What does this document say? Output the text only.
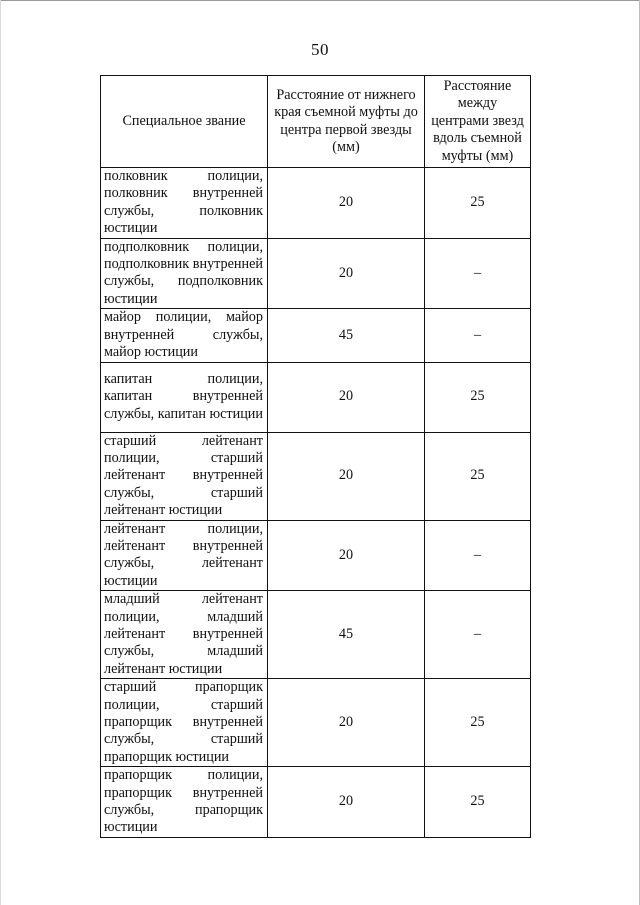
50
Специальное звание	Расстояние от нижнего края съемной муфты до центра первой звезды (мм)	Расстояние между центрами звезд вдоль съемной муфты (мм)
полковник полиции, полковник внутренней службы, полковник юстиции	20	25
подполковник полиции, подполковник внутренней службы, подполковник юстиции	20	–
майор полиции, майор внутренней службы, майор юстиции	45	–
капитан полиции, капитан внутренней службы, капитан юстиции	20	25
старший лейтенант полиции, старший лейтенант внутренней службы, старший лейтенант юстиции	20	25
лейтенант полиции, лейтенант внутренней службы, лейтенант юстиции	20	–
младший лейтенант полиции, младший лейтенант внутренней службы, младший лейтенант юстиции	45	–
старший прапорщик полиции, старший прапорщик внутренней службы, старший прапорщик юстиции	20	25
прапорщик полиции, прапорщик внутренней службы, прапорщик юстиции	20	25
